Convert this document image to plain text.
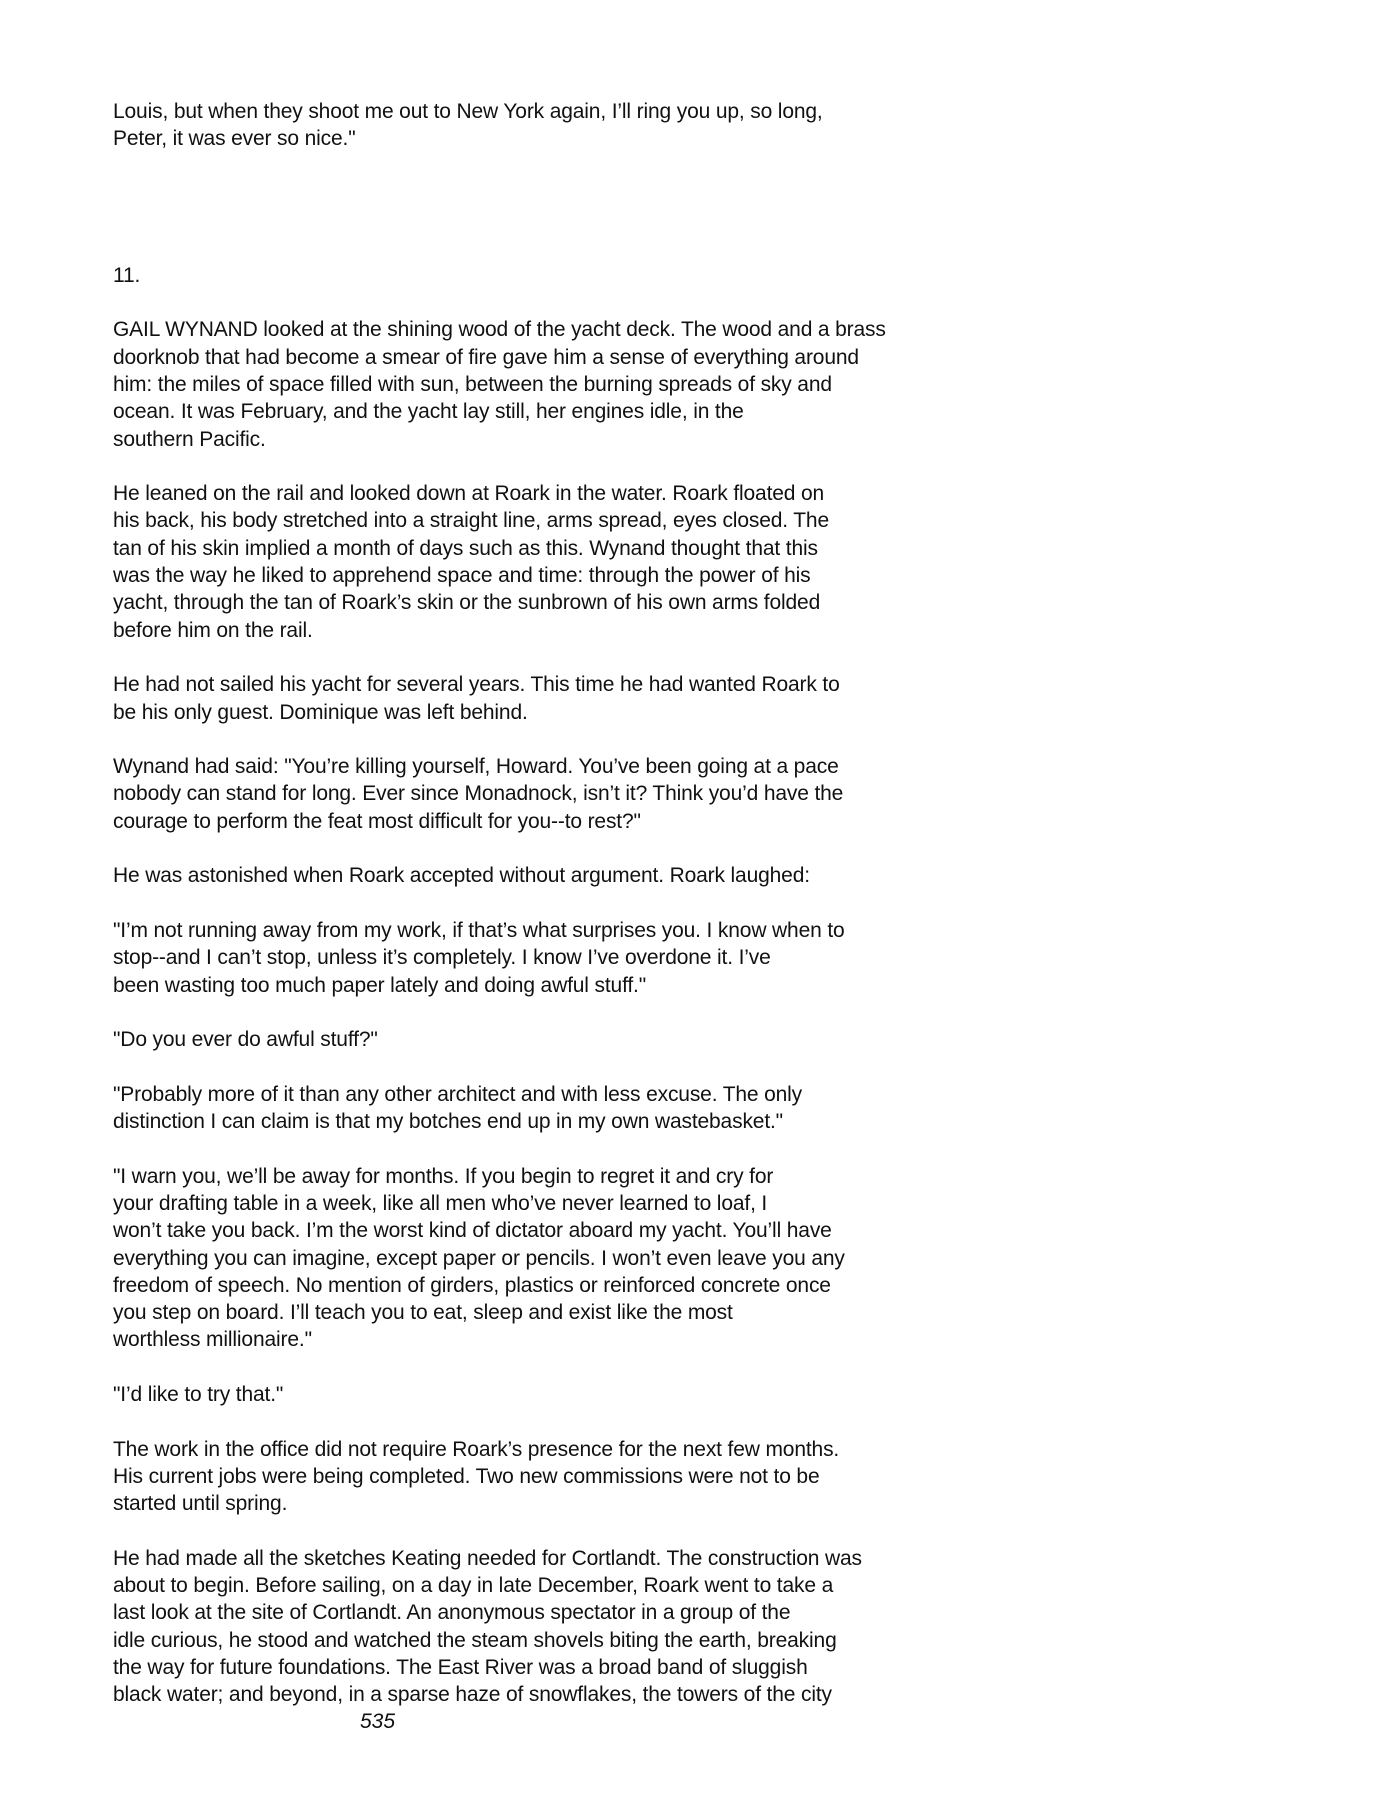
Louis, but when they shoot me out to New York again, I’ll ring you up, so long,
Peter, it was ever so nice."
11.
GAIL WYNAND looked at the shining wood of the yacht deck. The wood and a brass
doorknob that had become a smear of fire gave him a sense of everything around
him: the miles of space filled with sun, between the burning spreads of sky and
ocean. It was February, and the yacht lay still, her engines idle, in the
southern Pacific.
He leaned on the rail and looked down at Roark in the water. Roark floated on
his back, his body stretched into a straight line, arms spread, eyes closed. The
tan of his skin implied a month of days such as this. Wynand thought that this
was the way he liked to apprehend space and time: through the power of his
yacht, through the tan of Roark’s skin or the sunbrown of his own arms folded
before him on the rail.
He had not sailed his yacht for several years. This time he had wanted Roark to
be his only guest. Dominique was left behind.
Wynand had said: "You’re killing yourself, Howard. You’ve been going at a pace
nobody can stand for long. Ever since Monadnock, isn’t it? Think you’d have the
courage to perform the feat most difficult for you--to rest?"
He was astonished when Roark accepted without argument. Roark laughed:
"I’m not running away from my work, if that’s what surprises you. I know when to
stop--and I can’t stop, unless it’s completely. I know I’ve overdone it. I’ve
been wasting too much paper lately and doing awful stuff."
"Do you ever do awful stuff?"
"Probably more of it than any other architect and with less excuse. The only
distinction I can claim is that my botches end up in my own wastebasket."
"I warn you, we’ll be away for months. If you begin to regret it and cry for
your drafting table in a week, like all men who’ve never learned to loaf, I
won’t take you back. I’m the worst kind of dictator aboard my yacht. You’ll have
everything you can imagine, except paper or pencils. I won’t even leave you any
freedom of speech. No mention of girders, plastics or reinforced concrete once
you step on board. I’ll teach you to eat, sleep and exist like the most
worthless millionaire."
"I’d like to try that."
The work in the office did not require Roark’s presence for the next few months.
His current jobs were being completed. Two new commissions were not to be
started until spring.
He had made all the sketches Keating needed for Cortlandt. The construction was
about to begin. Before sailing, on a day in late December, Roark went to take a
last look at the site of Cortlandt. An anonymous spectator in a group of the
idle curious, he stood and watched the steam shovels biting the earth, breaking
the way for future foundations. The East River was a broad band of sluggish
black water; and beyond, in a sparse haze of snowflakes, the towers of the city
535
